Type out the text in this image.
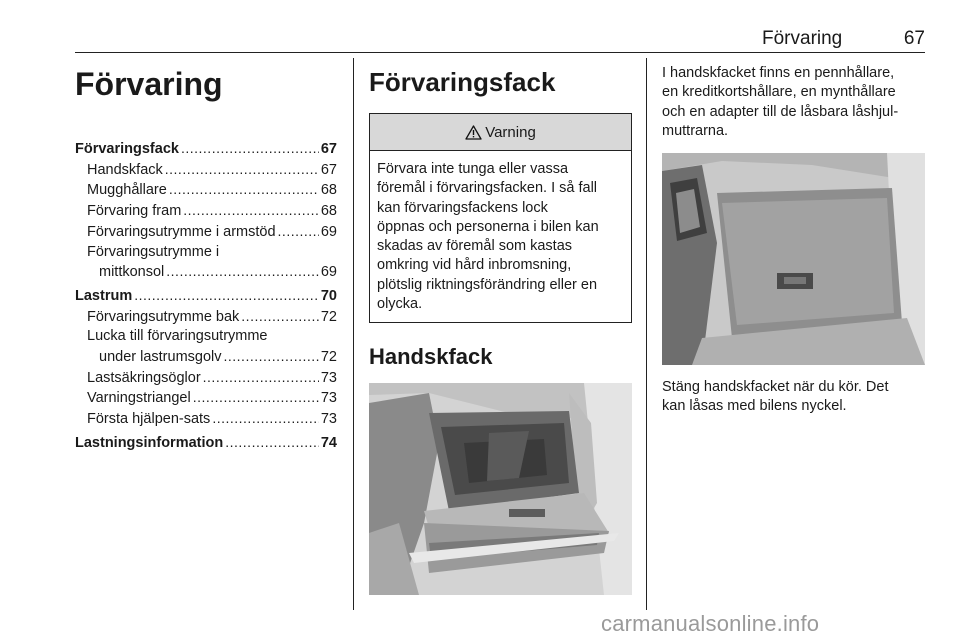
Förvaring	67
Förvaring
Förvaringsfack .....	67
Handskfack .....	67
Mugghållare .....	68
Förvaring fram .....	68
Förvaringsutrymme i armstöd .....	69
Förvaringsutrymme i
mittkonsol .....	69
Lastrum .....	70
Förvaringsutrymme bak .....	72
Lucka till förvaringsutrymme
under lastrumsgolv .....	72
Lastsäkringsöglor .....	73
Varningstriangel .....	73
Första hjälpen-sats .....	73
Lastningsinformation .....	74
Förvaringsfack
Varning
Förvara inte tunga eller vassa
föremål i förvaringsfacken. I så fall
kan förvaringsfackens lock
öppnas och personerna i bilen kan
skadas av föremål som kastas
omkring vid hård inbromsning,
plötslig riktningsförändring eller en
olycka.
Handskfack

I handskfacket finns en pennhållare,
en kreditkortshållare, en mynthållare
och en adapter till de låsbara låshjul-
muttrarna.

Stäng handskfacket när du kör. Det
kan låsas med bilens nyckel.

carmanualsonline.info
